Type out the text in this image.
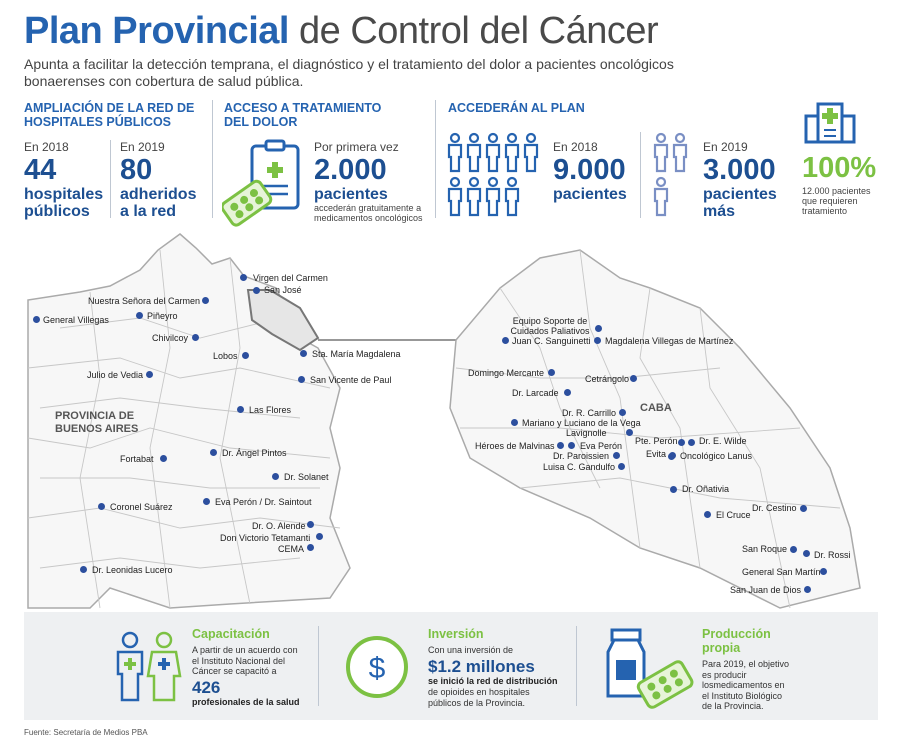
Plan Provincial de Control del Cáncer
Apunta a facilitar la detección temprana, el diagnóstico y el tratamiento del dolor a pacientes oncológicos bonaerenses con cobertura de salud pública.
AMPLIACIÓN DE LA RED DE HOSPITALES PÚBLICOS
En 2018
44
hospitales públicos
En 2019
80
adheridos a la red
ACCESO A TRATAMIENTO DEL DOLOR
Por primera vez
2.000
pacientes
accederán gratuitamente a medicamentos oncológicos
ACCEDERÁN AL PLAN
En 2018
9.000
pacientes
En 2019
3.000
pacientes más
100%
12.000 pacientes que requieren tratamiento
PROVINCIA DE BUENOS AIRES
CABA
Virgen del Carmen
San José
Nuestra Señora del Carmen
General Villegas	Piñeyro
Chivilcoy
Lobos	Sta. María Magdalena
Julio de Vedia	San Vicente de Paul
Las Flores
Fortabat
Dr. Ángel Pintos
Dr. Solanet
Coronel Suárez	Eva Perón / Dr. Saintout
Dr. O. Alende
Don Victorio Tetamanti
CEMA
Dr. Leonidas Lucero
Equipo Soporte de Cuidados Paliativos
Juan C. Sanguinetti Magdalena Villegas de Martínez
Domingo Mercante
Cetrángolo
Dr. Larcade
Dr. R. Carrillo
Mariano y Luciano de la Vega
Lavignolle
Héroes de Malvinas	Eva Perón
Dr. Paroissien
Luisa C. Gandulfo
Pte. Perón Dr. E. Wilde
Evita Oncológico Lanus
Dr. Oñativia
El Cruce
Dr. Cestino
San Roque
Dr. Rossi
General San Martín
San Juan de Dios
Capacitación
A partir de un acuerdo con el Instituto Nacional del Cáncer se capacitó a
426
profesionales de la salud
$
Inversión
Con una inversión de
$1.2 millones
se inició la red de distribución
de opioides en hospitales públicos de la Provincia.
Producción propia
Para 2019, el objetivo es producir losmedicamentos en el Instituto Biológico de la Provincia.
Fuente: Secretaría de Medios PBA
